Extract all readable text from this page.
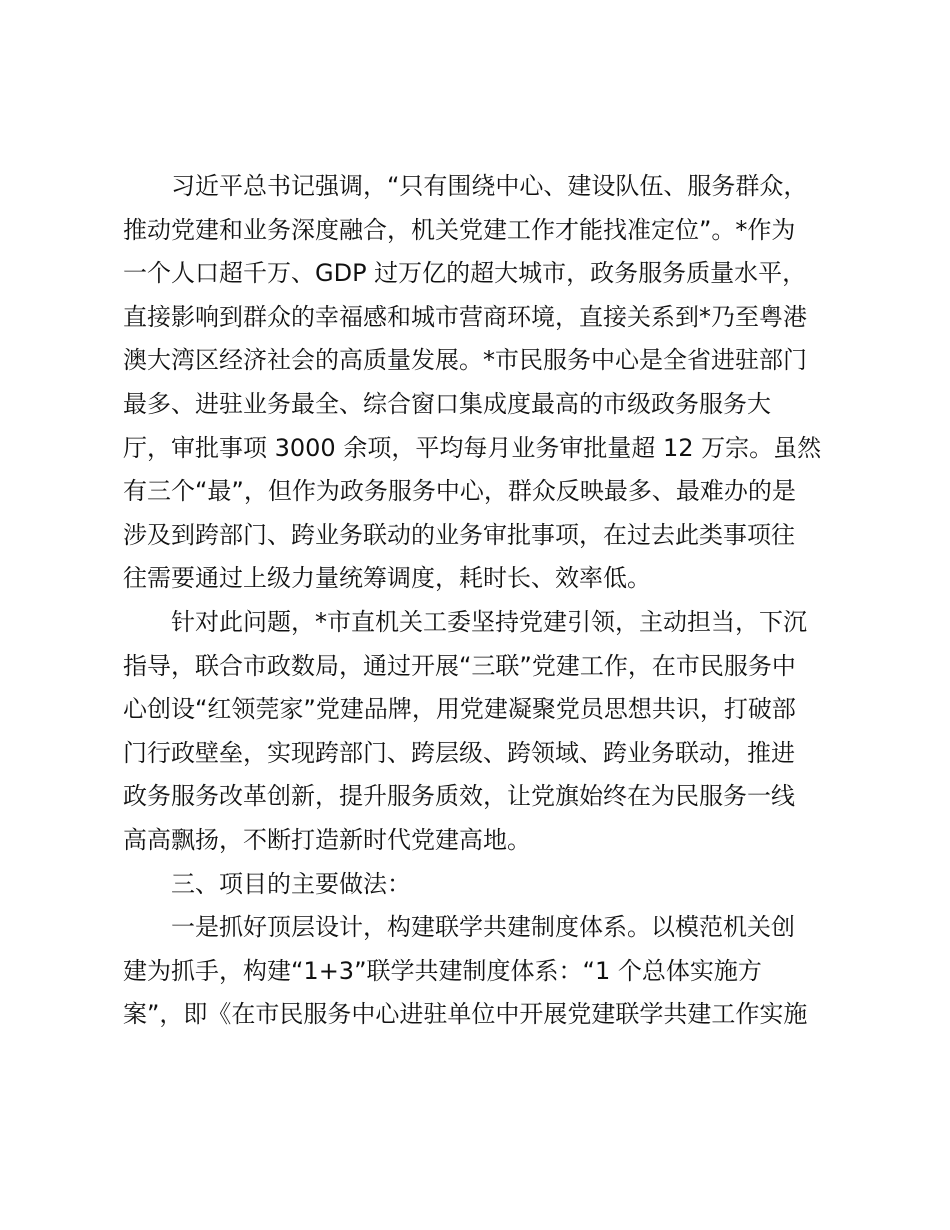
习近平总书记强调，“只有围绕中心、建设队伍、服务群众，
推动党建和业务深度融合，机关党建工作才能找准定位”。*作为
一个人口超千万、GDP 过万亿的超大城市，政务服务质量水平，
直接影响到群众的幸福感和城市营商环境，直接关系到*乃至粤港
澳大湾区经济社会的高质量发展。*市民服务中心是全省进驻部门
最多、进驻业务最全、综合窗口集成度最高的市级政务服务大
厅，审批事项 3000 余项，平均每月业务审批量超 12 万宗。虽然
有三个“最”，但作为政务服务中心，群众反映最多、最难办的是
涉及到跨部门、跨业务联动的业务审批事项，在过去此类事项往
往需要通过上级力量统筹调度，耗时长、效率低。
针对此问题，*市直机关工委坚持党建引领，主动担当，下沉
指导，联合市政数局，通过开展“三联”党建工作，在市民服务中
心创设“红领莞家”党建品牌，用党建凝聚党员思想共识，打破部
门行政壁垒，实现跨部门、跨层级、跨领域、跨业务联动，推进
政务服务改革创新，提升服务质效，让党旗始终在为民服务一线
高高飘扬，不断打造新时代党建高地。
三、项目的主要做法：
一是抓好顶层设计，构建联学共建制度体系。以模范机关创
建为抓手，构建“1+3”联学共建制度体系：“1 个总体实施方
案”，即《在市民服务中心进驻单位中开展党建联学共建工作实施
